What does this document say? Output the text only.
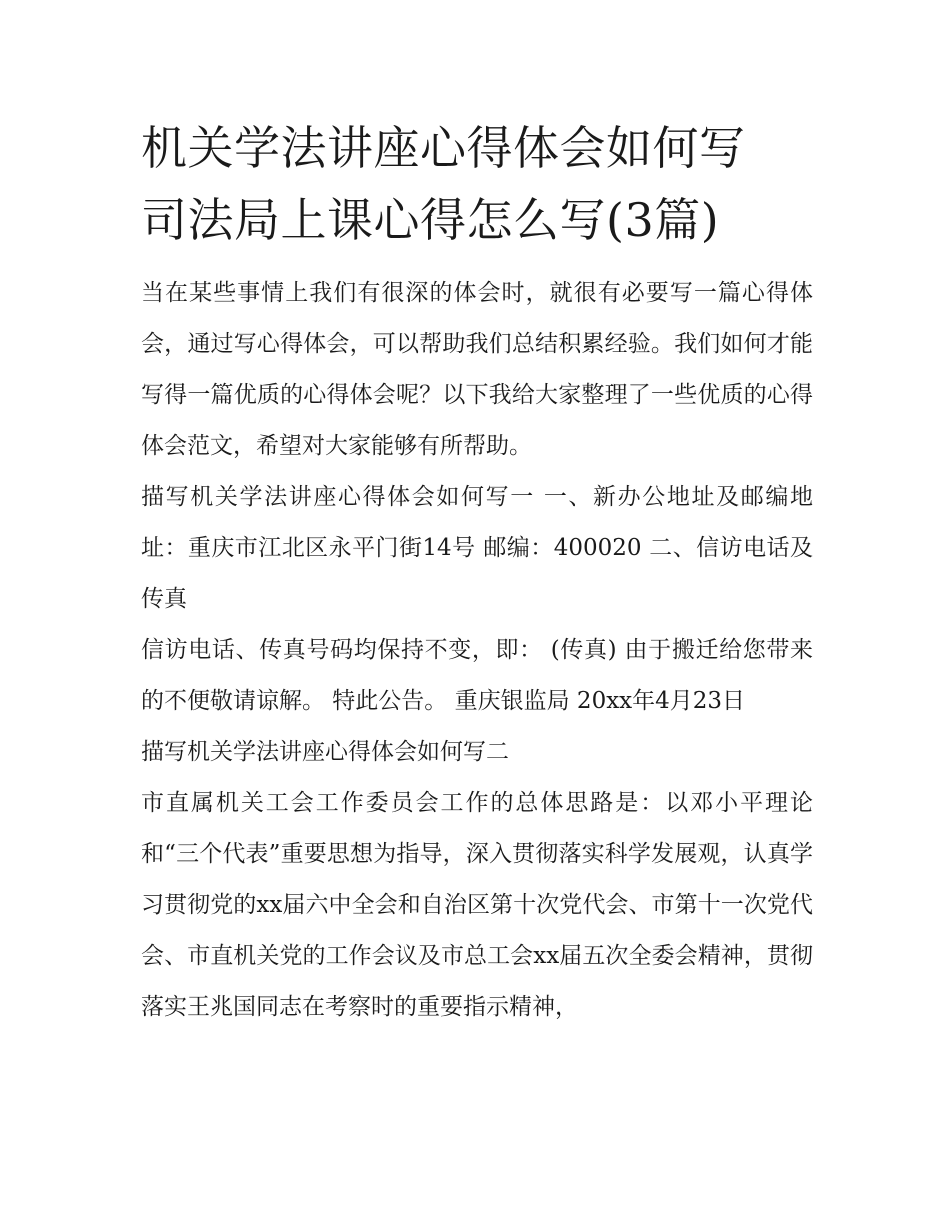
机关学法讲座心得体会如何写
司法局上课心得怎么写(3篇)

当在某些事情上我们有很深的体会时，就很有必要写一篇心得体会，通过写心得体会，可以帮助我们总结积累经验。我们如何才能写得一篇优质的心得体会呢？以下我给大家整理了一些优质的心得体会范文，希望对大家能够有所帮助。

描写机关学法讲座心得体会如何写一 一、新办公地址及邮编地址：重庆市江北区永平门街14号 邮编：400020 二、信访电话及传真

信访电话、传真号码均保持不变，即： (传真) 由于搬迁给您带来的不便敬请谅解。 特此公告。 重庆银监局 20xx年4月23日

描写机关学法讲座心得体会如何写二

市直属机关工会工作委员会工作的总体思路是：以邓小平理论和“三个代表”重要思想为指导，深入贯彻落实科学发展观，认真学习贯彻党的xx届六中全会和自治区第十次党代会、市第十一次党代会、市直机关党的工作会议及市总工会xx届五次全委会精神，贯彻落实王兆国同志在考察时的重要指示精神，
